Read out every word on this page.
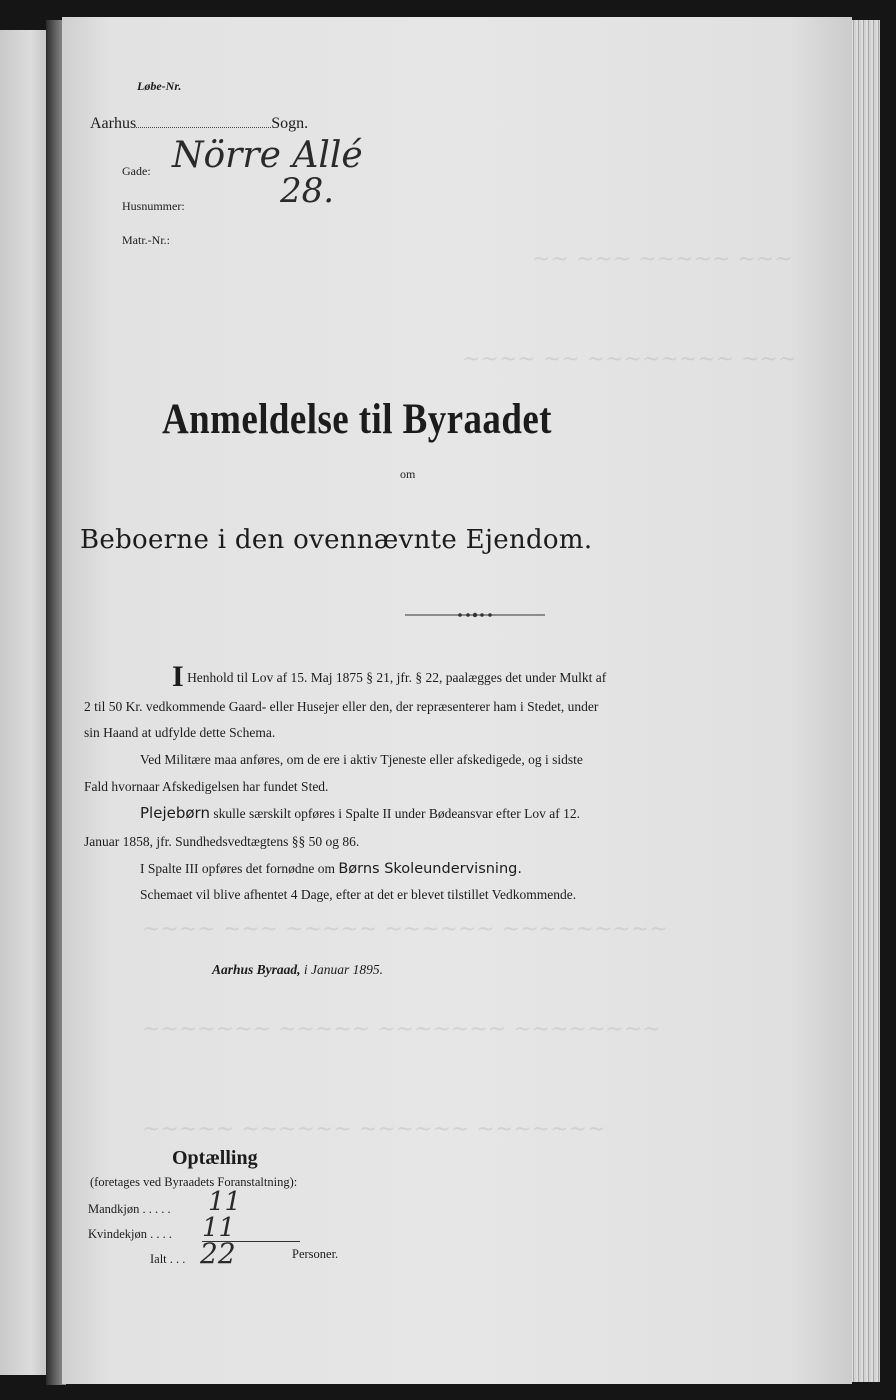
~~ ~~~ ~~~~~ ~~~
~~~~ ~~ ~~~~~~~~ ~~~
~~~~ ~~~ ~~~~~ ~~~~~~ ~~~~~~~~~
~~~~~~~ ~~~~~ ~~~~~~~ ~~~~~~~~
~~~~~ ~~~~~~ ~~~~~~ ~~~~~~~
Løbe-Nr.
Aarhus	Sogn.
Gade: Nörre Allé
Husnummer:	28.
Matr.-Nr.:
Anmeldelse til Byraadet
om
Beboerne i den ovennævnte Ejendom.
I Henhold til Lov af 15. Maj 1875 § 21, jfr. § 22, paalægges det under Mulkt af
2 til 50 Kr. vedkommende Gaard- eller Husejer eller den, der repræsenterer ham i Stedet, under
sin Haand at udfylde dette Schema.
Ved Militære maa anføres, om de ere i aktiv Tjeneste eller afskedigede, og i sidste
Fald hvornaar Afskedigelsen har fundet Sted.
Plejebørn skulle særskilt opføres i Spalte II under Bødeansvar efter Lov af 12.
Januar 1858, jfr. Sundhedsvedtægtens §§ 50 og 86.
I Spalte III opføres det fornødne om Børns Skoleundervisning.
Schemaet vil blive afhentet 4 Dage, efter at det er blevet tilstillet Vedkommende.
Aarhus Byraad, i Januar 1895.
Optælling
(foretages ved Byraadets Foranstaltning):
Mandkjøn . . . . . 11
Kvindekjøn . . . . 11
Ialt . . . 22	Personer.
